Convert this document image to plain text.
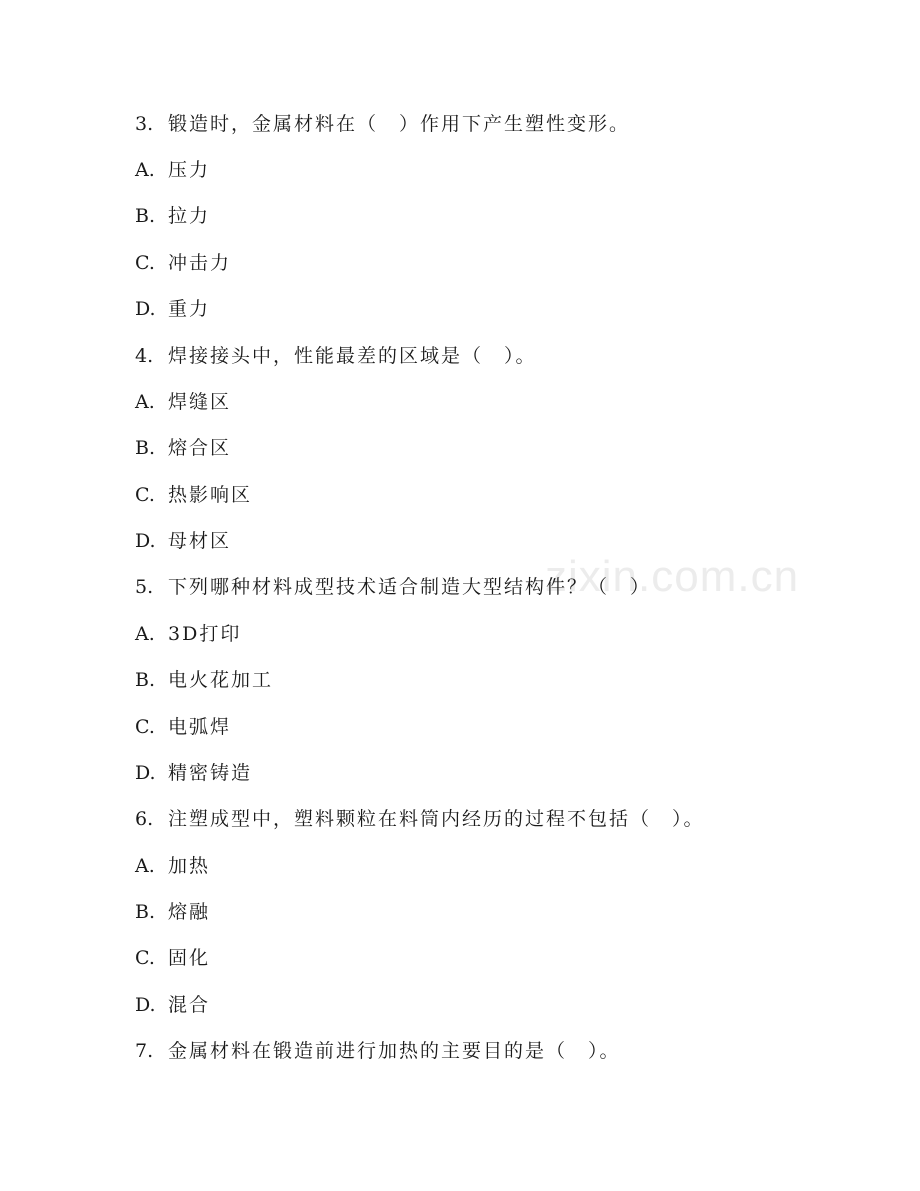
zixin.com.cn
3. 锻造时，金属材料在（　）作用下产生塑性变形。
A. 压力
B. 拉力
C. 冲击力
D. 重力
4. 焊接接头中，性能最差的区域是（　）。
A. 焊缝区
B. 熔合区
C. 热影响区
D. 母材区
5. 下列哪种材料成型技术适合制造大型结构件？（　）
A. 3D打印
B. 电火花加工
C. 电弧焊
D. 精密铸造
6. 注塑成型中，塑料颗粒在料筒内经历的过程不包括（　）。
A. 加热
B. 熔融
C. 固化
D. 混合
7. 金属材料在锻造前进行加热的主要目的是（　）。
